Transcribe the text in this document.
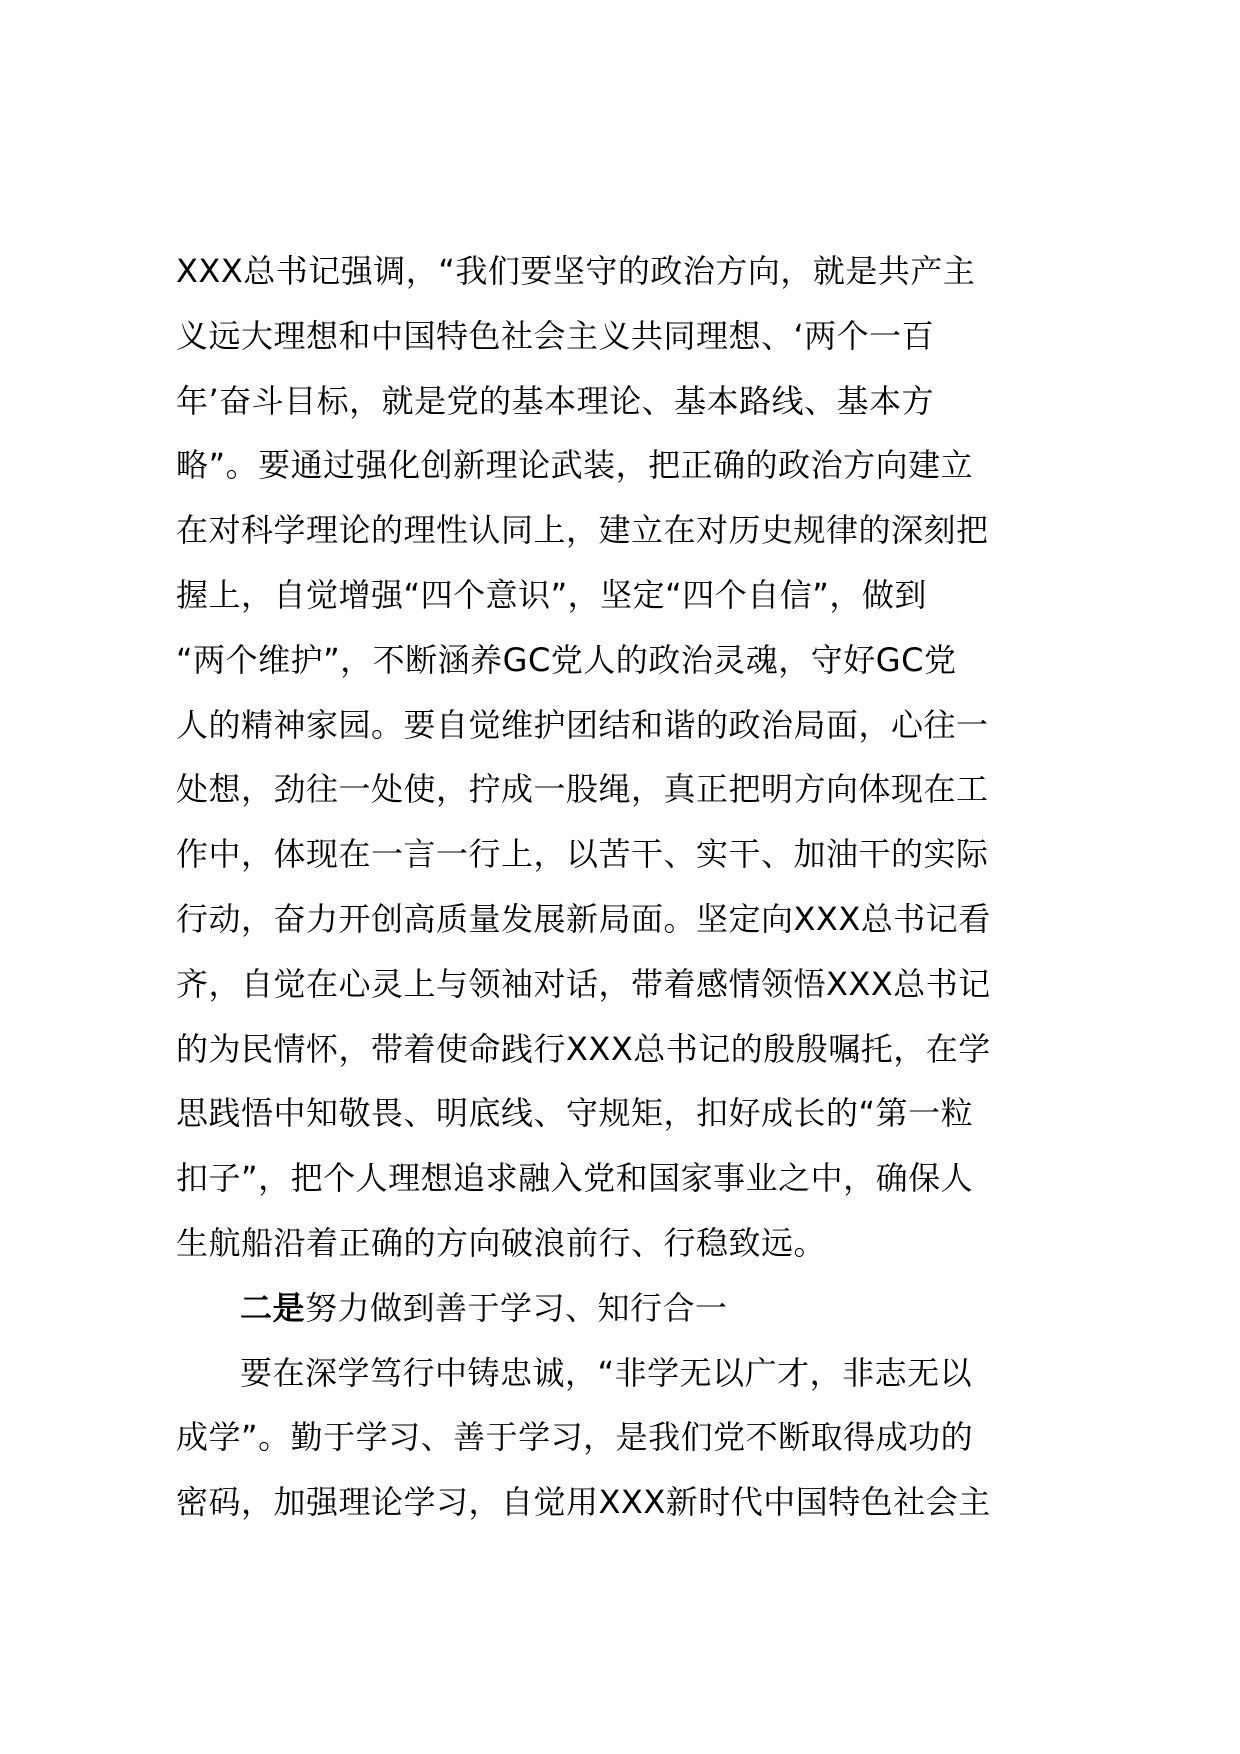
XXX总书记强调，“我们要坚守的政治方向，就是共产主
义远大理想和中国特色社会主义共同理想、‘两个一百
年’奋斗目标，就是党的基本理论、基本路线、基本方
略”。要通过强化创新理论武装，把正确的政治方向建立
在对科学理论的理性认同上，建立在对历史规律的深刻把
握上，自觉增强“四个意识”，坚定“四个自信”，做到
“两个维护”，不断涵养GC党人的政治灵魂，守好GC党
人的精神家园。要自觉维护团结和谐的政治局面，心往一
处想，劲往一处使，拧成一股绳，真正把明方向体现在工
作中，体现在一言一行上，以苦干、实干、加油干的实际
行动，奋力开创高质量发展新局面。坚定向XXX总书记看
齐，自觉在心灵上与领袖对话，带着感情领悟XXX总书记
的为民情怀，带着使命践行XXX总书记的殷殷嘱托，在学
思践悟中知敬畏、明底线、守规矩，扣好成长的“第一粒
扣子”，把个人理想追求融入党和国家事业之中，确保人
生航船沿着正确的方向破浪前行、行稳致远。
二是努力做到善于学习、知行合一
要在深学笃行中铸忠诚，“非学无以广才，非志无以
成学”。勤于学习、善于学习，是我们党不断取得成功的
密码，加强理论学习，自觉用XXX新时代中国特色社会主
